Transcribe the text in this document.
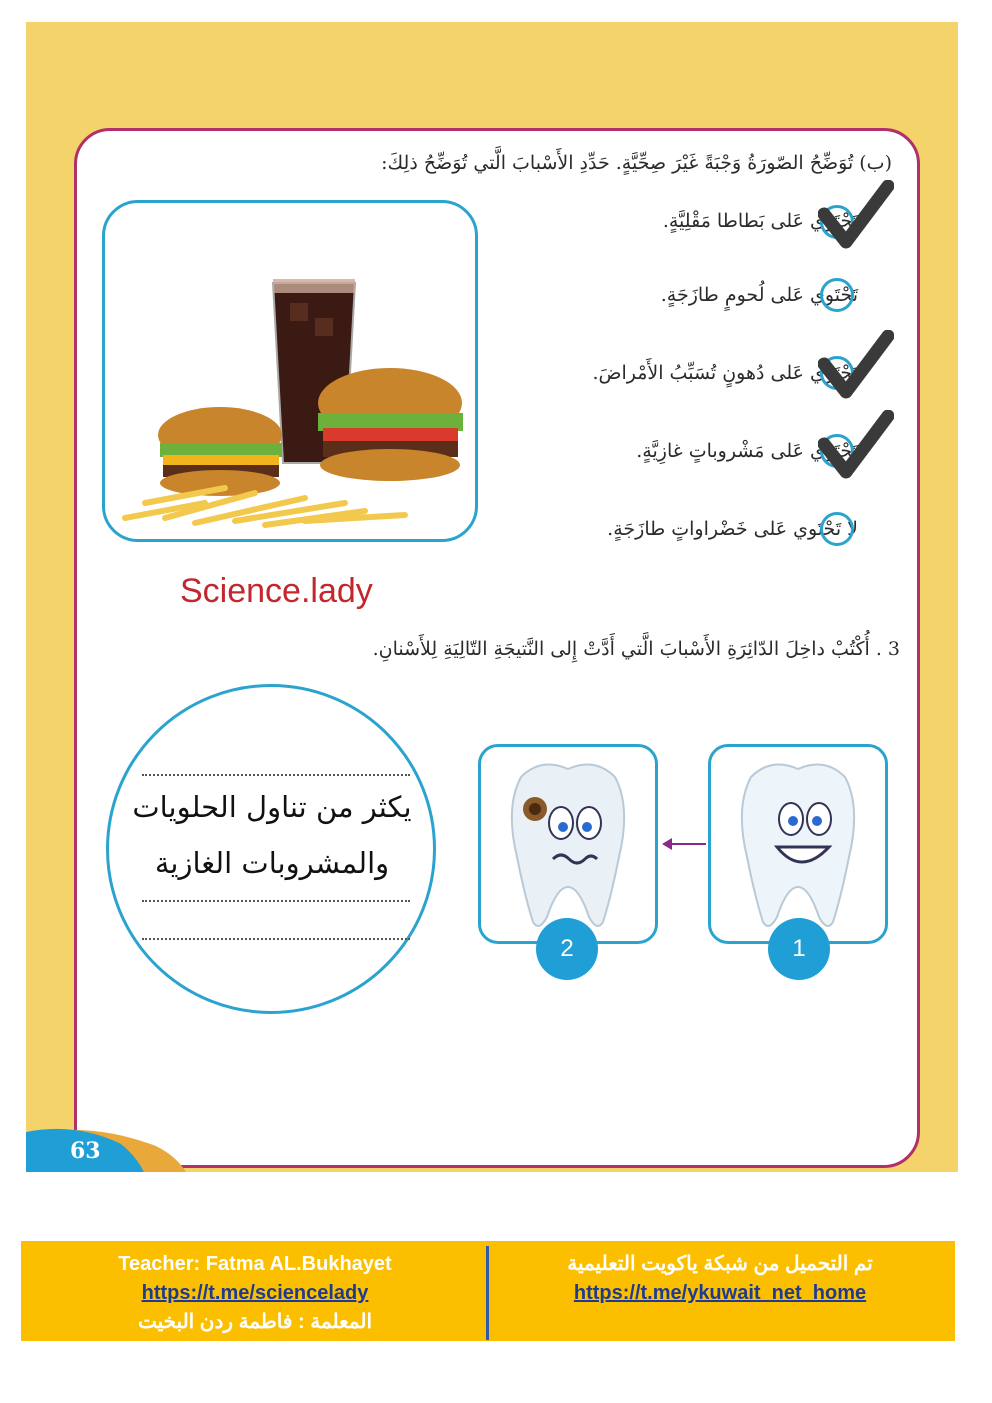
(ب) تُوَضِّحُ الصّورَةُ وَجْبَةً غَيْرَ صِحِّيَّةٍ. حَدِّدِ الأَسْبابَ الَّتي تُوَضِّحُ ذلِكَ:
تَحْتَوي عَلى بَطاطا مَقْلِيَّةٍ.
تَحْتَوي عَلى لُحومٍ طازَجَةٍ.
تَحْتَوي عَلى دُهونٍ تُسَبِّبُ الأَمْراضَ.
تَحْتَوي عَلى مَشْروباتٍ غازِيَّةٍ.
لا تَحْتَوي عَلى خَضْراواتٍ طازَجَةٍ.
Science.lady
3 . أُكْتُبْ داخِلَ الدّائِرَةِ الأَسْبابَ الَّتي أَدَّتْ إِلى النَّتيجَةِ التّالِيَةِ لِلأَسْنانِ.
يكثر من تناول الحلويات
والمشروبات الغازية
2	1
63
Teacher: Fatma AL.Bukhayet
https://t.me/sciencelady
المعلمة : فاطمة ردن البخيت
تم التحميل من شبكة ياكويت التعليمية
https://t.me/ykuwait_net_home
